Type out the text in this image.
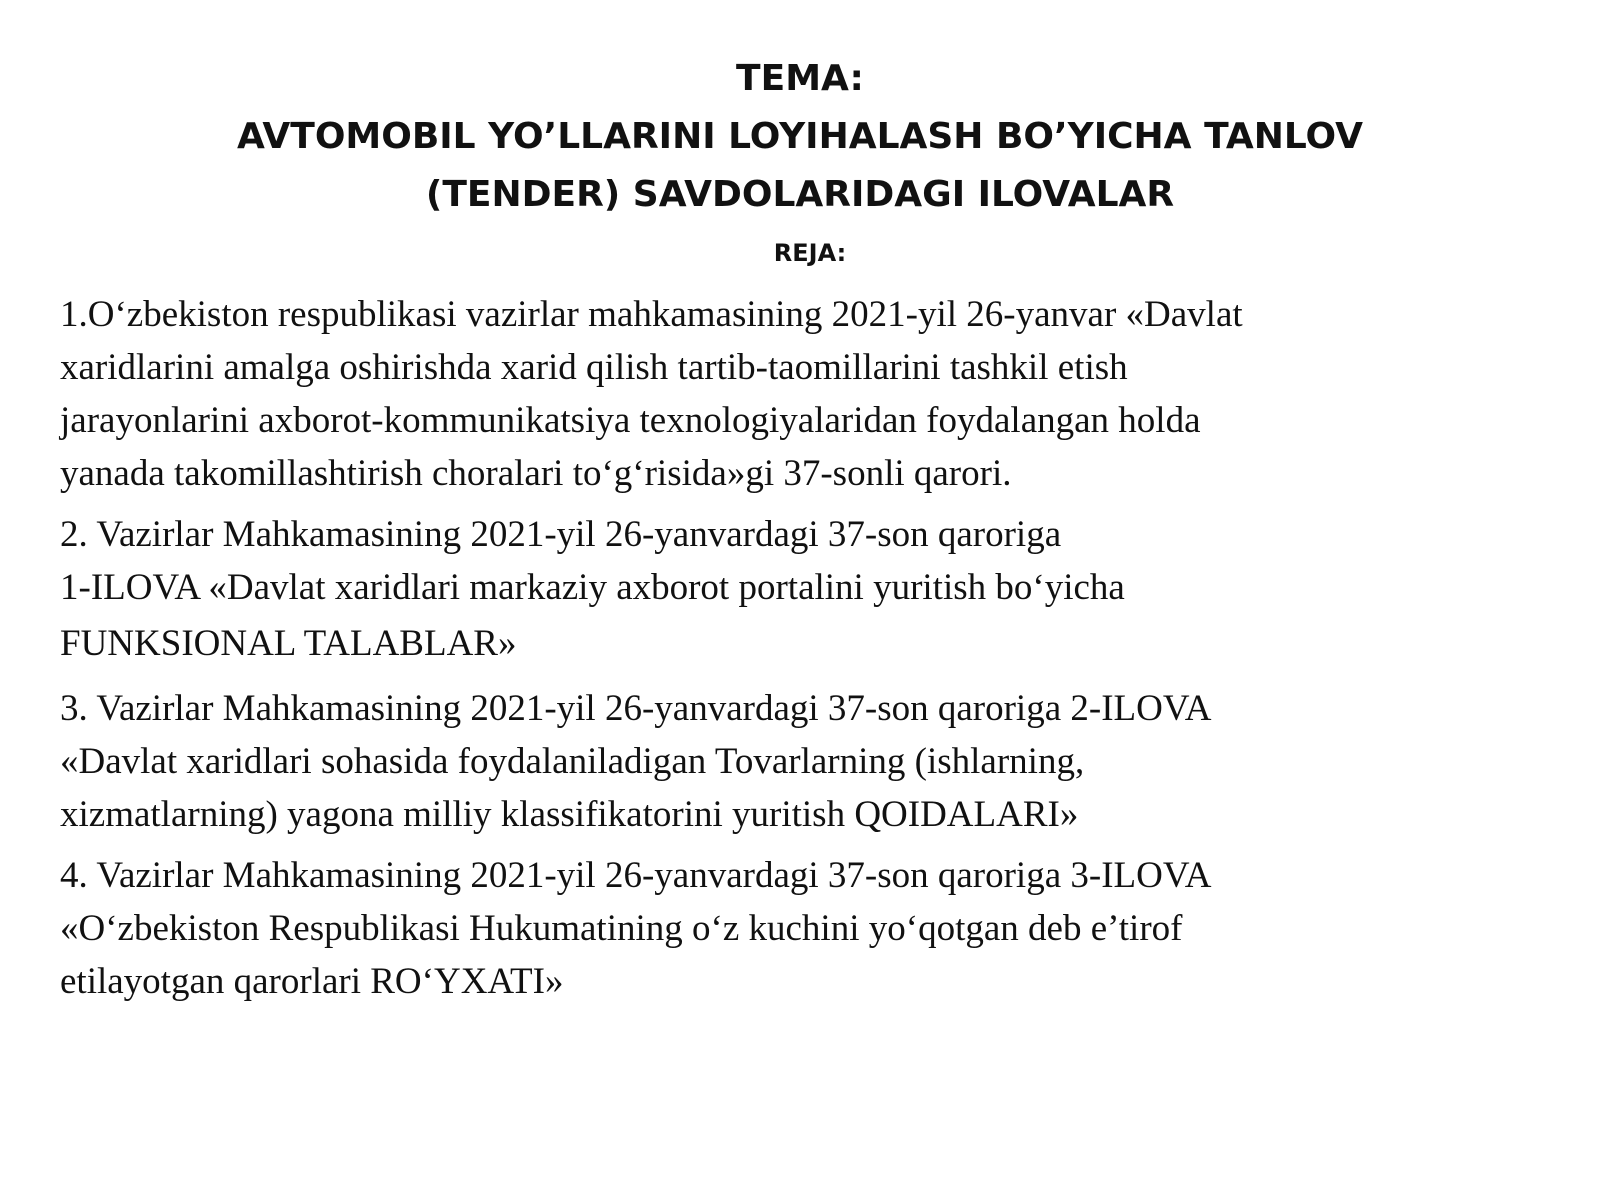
TEMA:
AVTOMOBIL YO’LLARINI LOYIHALASH BO’YICHA TANLOV
(TENDER) SAVDOLARIDAGI ILOVALAR
REJA:
1.O‘zbekiston respublikasi vazirlar mahkamasining 2021-yil 26-yanvar «Davlat
xaridlarini amalga oshirishda xarid qilish tartib-taomillarini tashkil etish
jarayonlarini axborot-kommunikatsiya texnologiyalaridan foydalangan holda
yanada takomillashtirish choralari to‘g‘risida»gi 37-sonli qarori.
2. Vazirlar Mahkamasining 2021-yil 26-yanvardagi 37-son qaroriga
1-ILOVA «Davlat xaridlari markaziy axborot portalini yuritish bo‘yicha
FUNKSIONAL TALABLAR»
3. Vazirlar Mahkamasining 2021-yil 26-yanvardagi 37-son qaroriga 2-ILOVA
«Davlat xaridlari sohasida foydalaniladigan Tovarlarning (ishlarning,
xizmatlarning) yagona milliy klassifikatorini yuritish QOIDALARI»
4. Vazirlar Mahkamasining 2021-yil 26-yanvardagi 37-son qaroriga 3-ILOVA
«O‘zbekiston Respublikasi Hukumatining o‘z kuchini yo‘qotgan deb e’tirof
etilayotgan qarorlari RO‘YXATI»
